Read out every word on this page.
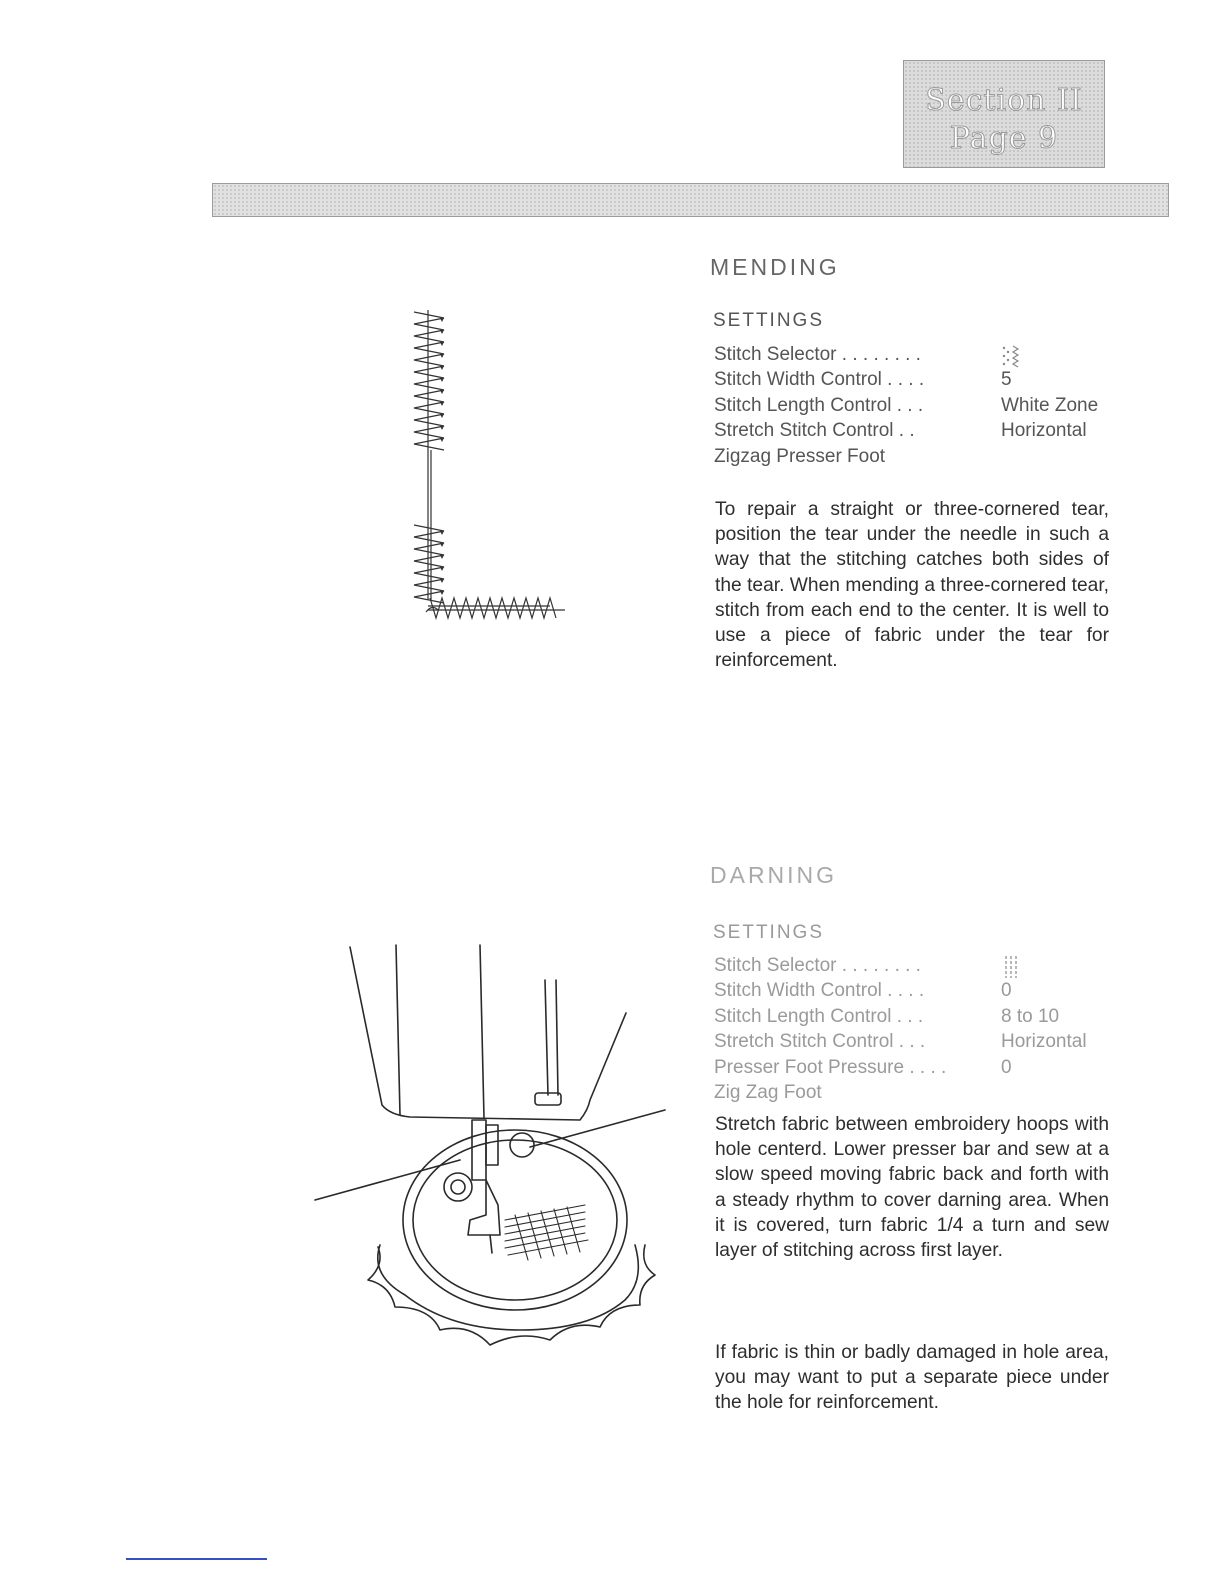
Section II
Page 9
MENDING
SETTINGS
Stitch Selector . . . . . . . .
Stitch Width Control . . . .	5
Stitch Length Control . . .	White Zone
Stretch Stitch Control . .	Horizontal
Zigzag Presser Foot

To repair a straight or three-cornered tear, position the tear under the needle in such a way that the stitching catches both sides of the tear. When mending a three-cornered tear, stitch from each end to the center. It is well to use a piece of fabric under the tear for reinforcement.

DARNING
SETTINGS
Stitch Selector . . . . . . . .
Stitch Width Control . . . .	0
Stitch Length Control . . .	8 to 10
Stretch Stitch Control . . .	Horizontal
Presser Foot Pressure . . . .	0
Zig Zag Foot

Stretch fabric between embroidery hoops with hole centerd. Lower presser bar and sew at a slow speed moving fabric back and forth with a steady rhythm to cover darning area. When it is covered, turn fabric 1/4 a turn and sew layer of stitching across first layer.

If fabric is thin or badly damaged in hole area, you may want to put a separate piece under the hole for reinforcement.
